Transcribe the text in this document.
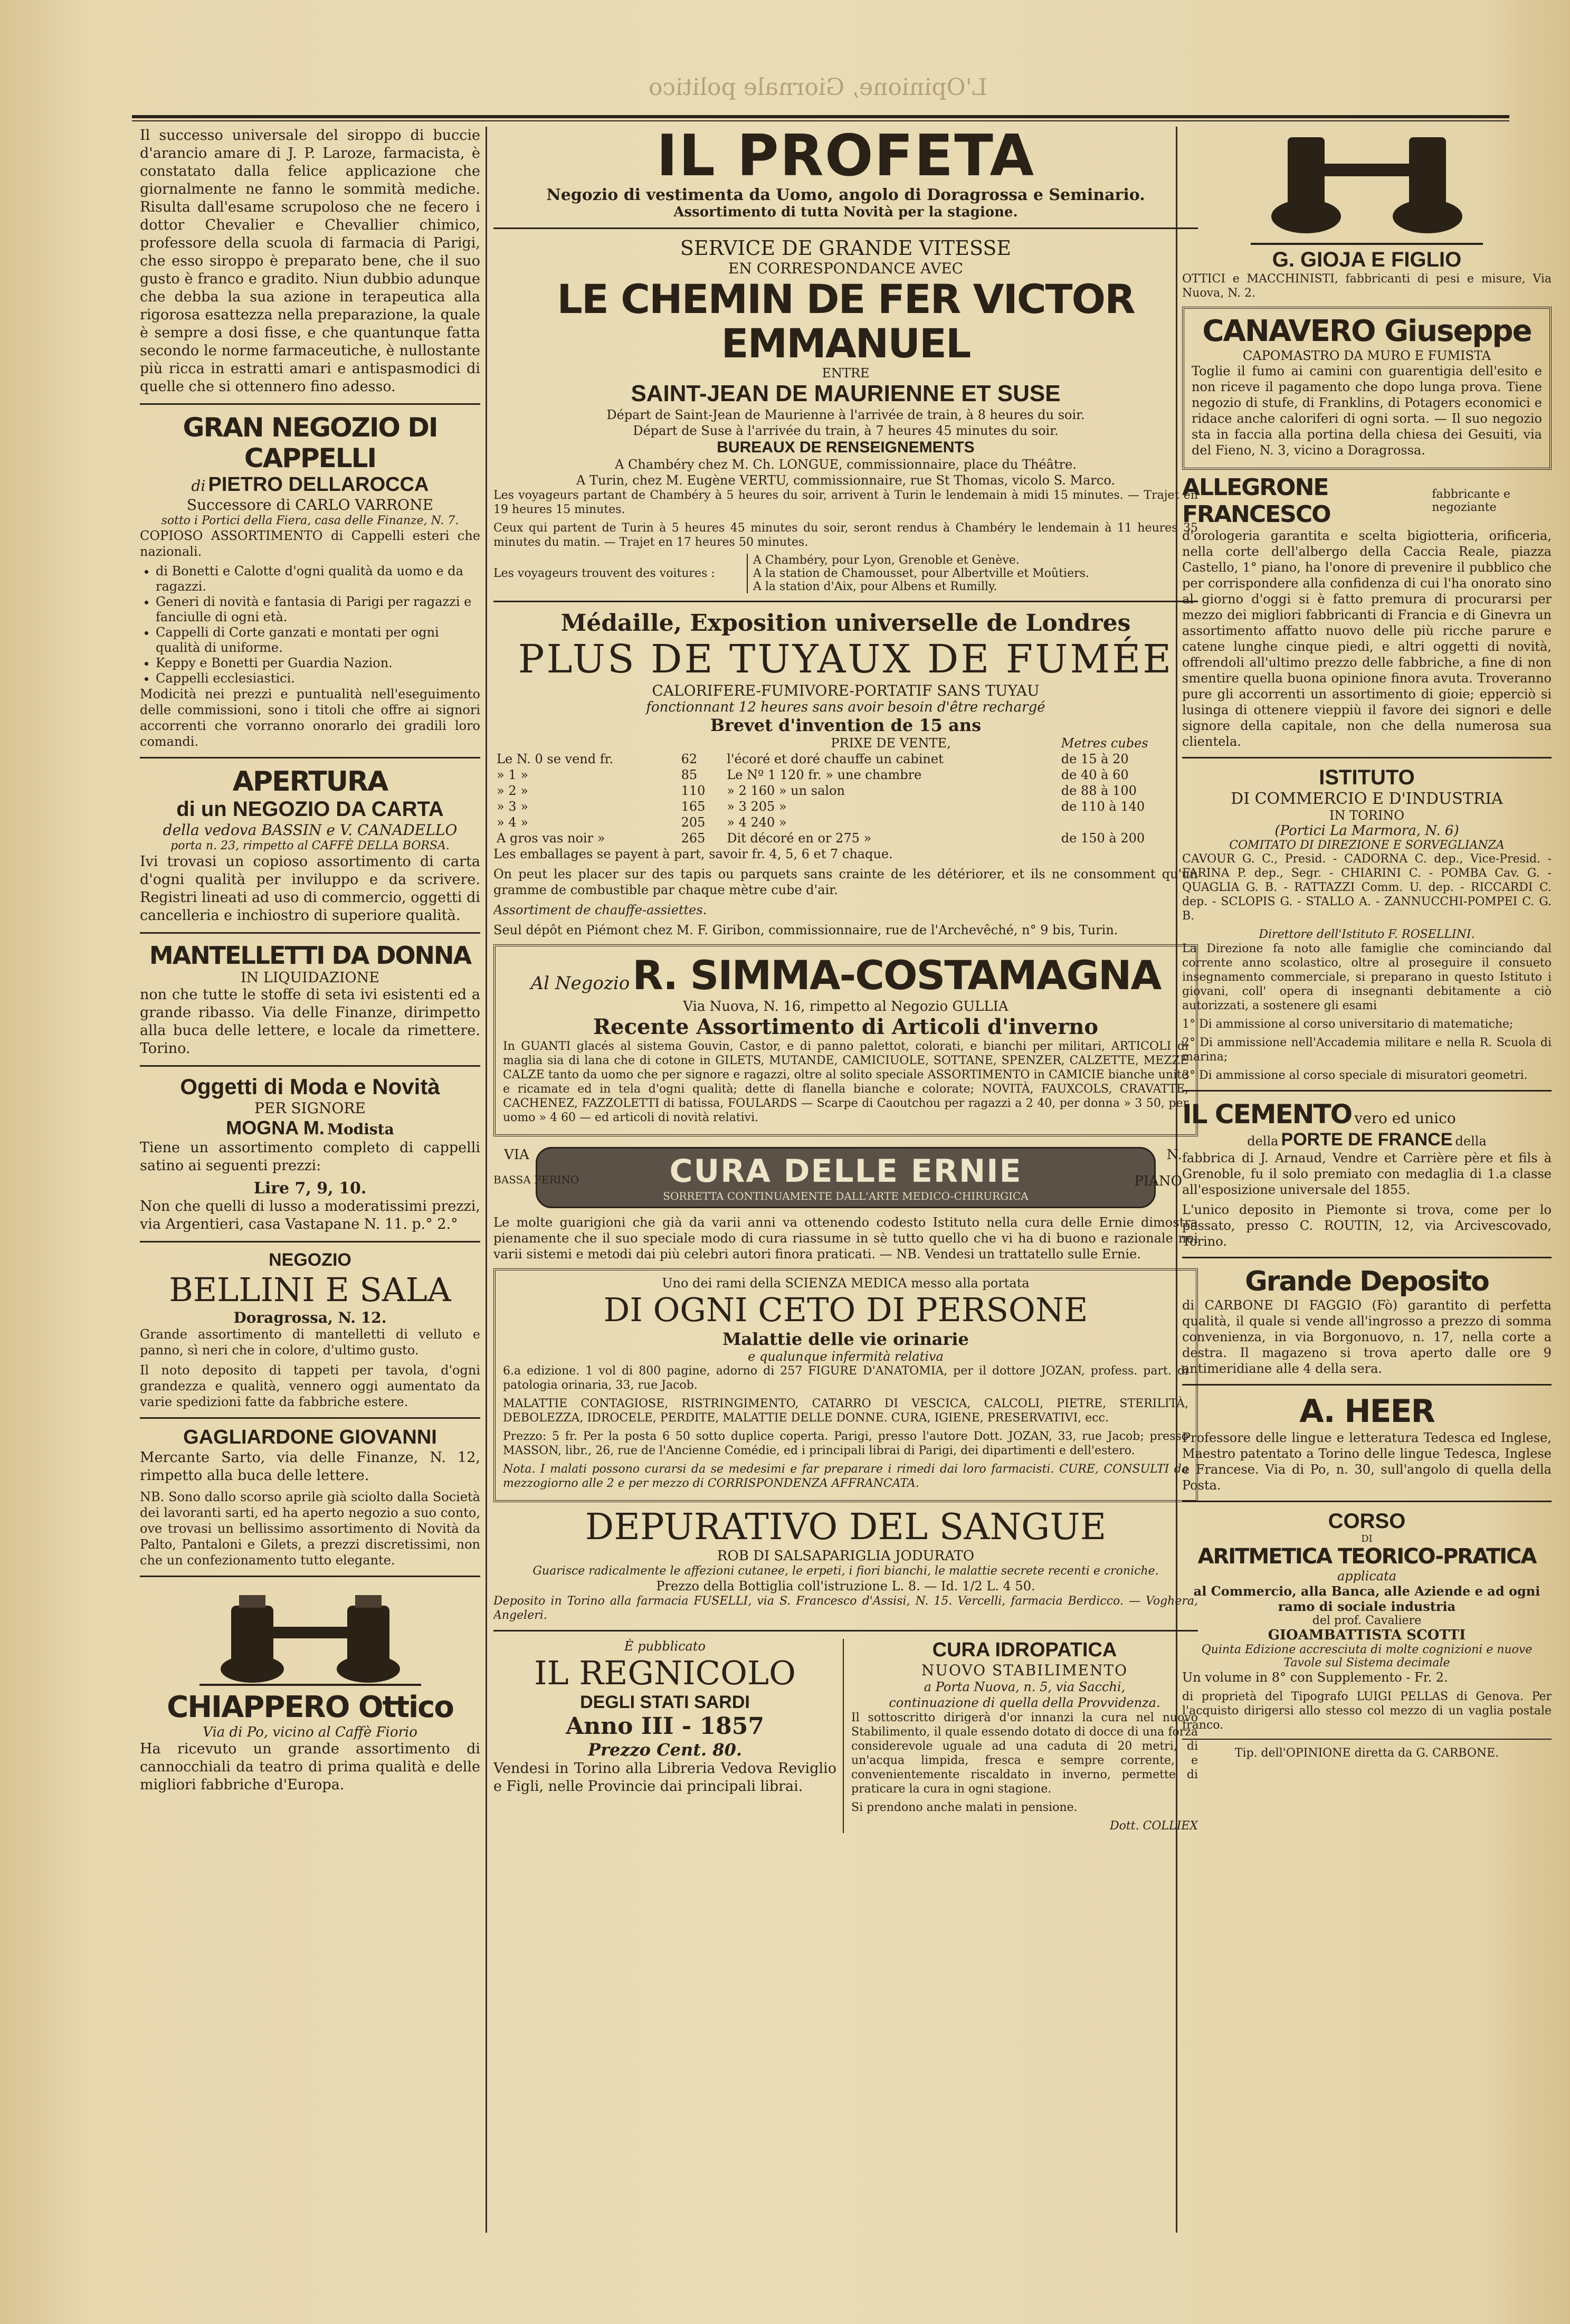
L'Opinione, Giornale politico

Il successo universale del siroppo di buccie d'arancio amare di J. P. Laroze, farmacista, è constatato dalla felice applicazione che giornalmente ne fanno le sommità mediche. Risulta dall'esame scrupoloso che ne fecero i dottor Chevalier e Chevallier chimico, professore della scuola di farmacia di Parigi, che esso siroppo è preparato bene, che il suo gusto è franco e gradito. Niun dubbio adunque che debba la sua azione in terapeutica alla rigorosa esattezza nella preparazione, la quale è sempre a dosi fisse, e che quantunque fatta secondo le norme farmaceutiche, è nullostante più ricca in estratti amari e antispasmodici di quelle che si ottennero fino adesso.

GRAN NEGOZIO DI CAPPELLI
di PIETRO DELLAROCCA
Successore di CARLO VARRONE
sotto i Portici della Fiera, casa delle Finanze, N. 7.

COPIOSO ASSORTIMENTO di Cappelli esteri che nazionali.

• di Bonetti e Calotte d'ogni qualità da uomo e da ragazzi.
• Generi di novità e fantasia di Parigi per ragazzi e fanciulle di ogni età.
• Cappelli di Corte ganzati e montati per ogni qualità di uniforme.
• Keppy e Bonetti per Guardia Nazion.
• Cappelli ecclesiastici.

Modicità nei prezzi e puntualità nell'eseguimento delle commissioni, sono i titoli che offre ai signori accorrenti che vorranno onorarlo dei gradili loro comandi.

APERTURA
di un NEGOZIO DA CARTA
della vedova BASSIN e V. CANADELLO
porta n. 23, rimpetto al CAFFÈ DELLA BORSA.

Ivi trovasi un copioso assortimento di carta d'ogni qualità per inviluppo e da scrivere. Registri lineati ad uso di commercio, oggetti di cancelleria e inchiostro di superiore qualità.

MANTELLETTI DA DONNA
IN LIQUIDAZIONE

non che tutte le stoffe di seta ivi esistenti ed a grande ribasso. Via delle Finanze, dirimpetto alla buca delle lettere, e locale da rimettere. Torino.

Oggetti di Moda e Novità
PER SIGNORE
MOGNA M. Modista

Tiene un assortimento completo di cappelli satino ai seguenti prezzi:

Lire 7, 9, 10.

Non che quelli di lusso a moderatissimi prezzi, via Argentieri, casa Vastapane N. 11. p.° 2.°

NEGOZIO
BELLINI E SALA
Doragrossa, N. 12.

Grande assortimento di mantelletti di velluto e panno, sì neri che in colore, d'ultimo gusto.

Il noto deposito di tappeti per tavola, d'ogni grandezza e qualità, vennero oggi aumentato da varie spedizioni fatte da fabbriche estere.

GAGLIARDONE GIOVANNI

Mercante Sarto, via delle Finanze, N. 12, rimpetto alla buca delle lettere.

NB. Sono dallo scorso aprile già sciolto dalla Società dei lavoranti sarti, ed ha aperto negozio a suo conto, ove trovasi un bellissimo assortimento di Novità da Palto, Pantaloni e Gilets, a prezzi discretissimi, non che un confezionamento tutto elegante.

CHIAPPERO Ottico
Via di Po, vicino al Caffè Fiorio

Ha ricevuto un grande assortimento di cannocchiali da teatro di prima qualità e delle migliori fabbriche d'Europa.

IL PROFETA
Negozio di vestimenta da Uomo, angolo di Doragrossa e Seminario.
Assortimento di tutta Novità per la stagione.
SERVICE DE GRANDE VITESSE
EN CORRESPONDANCE AVEC
LE CHEMIN DE FER VICTOR EMMANUEL
ENTRE
SAINT-JEAN DE MAURIENNE ET SUSE
Départ de Saint-Jean de Maurienne à l'arrivée de train, à 8 heures du soir.
Départ de Suse à l'arrivée du train, à 7 heures 45 minutes du soir.
BUREAUX DE RENSEIGNEMENTS
A Chambéry chez M. Ch. LONGUE, commissionnaire, place du Théâtre.
A Turin, chez M. Eugène VERTU, commissionnaire, rue St Thomas, vicolo S. Marco.

Les voyageurs partant de Chambéry à 5 heures du soir, arrivent à Turin le lendemain à midi 15 minutes. — Trajet en 19 heures 15 minutes.

Ceux qui partent de Turin à 5 heures 45 minutes du soir, seront rendus à Chambéry le lendemain à 11 heures 35 minutes du matin. — Trajet en 17 heures 50 minutes.

Les voyageurs trouvent des voitures :
A Chambéry, pour Lyon, Grenoble et Genève.
A la station de Chamousset, pour Albertville et Moûtiers.
A la station d'Aix, pour Albens et Rumilly.
Médaille, Exposition universelle de Londres
PLUS DE TUYAUX DE FUMÉE
CALORIFERE-FUMIVORE-PORTATIF SANS TUYAU
fonctionnant 12 heures sans avoir besoin d'être rechargé
Brevet d'invention de 15 ans
		PRIXE DE VENTE,	Metres cubes
Le N. 0 se vend fr.	62	l'écoré et doré chauffe un cabinet	de 15 à 20
» 1 »	85	Le Nº 1 120 fr. » une chambre	de 40 à 60
» 2 »	110	» 2 160 » un salon	de 88 à 100
» 3 »	165	» 3 205 »	de 110 à 140
» 4 »	205	» 4 240 »	
A gros vas noir »	265	Dit décoré en or 275 »	de 150 à 200

Les emballages se payent à part, savoir fr. 4, 5, 6 et 7 chaque.

On peut les placer sur des tapis ou parquets sans crainte de les détériorer, et ils ne consomment qu'un gramme de combustible par chaque mètre cube d'air.

Assortiment de chauffe-assiettes.

Seul dépôt en Piémont chez M. F. Giribon, commissionnaire, rue de l'Archevêché, n° 9 bis, Turin.

Al Negozio R. SIMMA-COSTAMAGNA
Via Nuova, N. 16, rimpetto al Negozio GULLIA
Recente Assortimento di Articoli d'inverno

In GUANTI glacés al sistema Gouvin, Castor, e di panno palettot, colorati, e bianchi per militari, ARTICOLI di maglia sia di lana che di cotone in GILETS, MUTANDE, CAMICIUOLE, SOTTANE, SPENZER, CALZETTE, MEZZE CALZE tanto da uomo che per signore e ragazzi, oltre al solito speciale ASSORTIMENTO in CAMICIE bianche unite e ricamate ed in tela d'ogni qualità; dette di flanella bianche e colorate; NOVITÀ, FAUXCOLS, CRAVATTE, CACHENEZ, FAZZOLETTI di batissa, FOULARDS — Scarpe di Caoutchou per ragazzi a 2 40, per donna » 3 50, per uomo » 4 60 — ed articoli di novità relativi.

VIA
BASSA FERINO
N.
PIANO
CURA DELLE ERNIE
SORRETTA CONTINUAMENTE DALL'ARTE MEDICO-CHIRURGICA

Le molte guarigioni che già da varii anni va ottenendo codesto Istituto nella cura delle Ernie dimostra pienamente che il suo speciale modo di cura riassume in sè tutto quello che vi ha di buono e razionale nei varii sistemi e metodi dai più celebri autori finora praticati. — NB. Vendesi un trattatello sulle Ernie.

Uno dei rami della SCIENZA MEDICA messo alla portata
DI OGNI CETO DI PERSONE
Malattie delle vie orinarie
e qualunque infermità relativa

6.a edizione. 1 vol di 800 pagine, adorno di 257 FIGURE D'ANATOMIA, per il dottore JOZAN, profess. part. di patologia orinaria, 33, rue Jacob.

MALATTIE CONTAGIOSE, RISTRINGIMENTO, CATARRO DI VESCICA, CALCOLI, PIETRE, STERILITÀ, DEBOLEZZA, IDROCELE, PERDITE, MALATTIE DELLE DONNE. CURA, IGIENE, PRESERVATIVI, ecc.

Prezzo: 5 fr. Per la posta 6 50 sotto duplice coperta. Parigi, presso l'autore Dott. JOZAN, 33, rue Jacob; presso MASSON, libr., 26, rue de l'Ancienne Comédie, ed i principali librai di Parigi, dei dipartimenti e dell'estero.

Nota. I malati possono curarsi da se medesimi e far preparare i rimedi dai loro farmacisti. CURE, CONSULTI da mezzogiorno alle 2 e per mezzo di CORRISPONDENZA AFFRANCATA.

DEPURATIVO DEL SANGUE
ROB DI SALSAPARIGLIA JODURATO
Guarisce radicalmente le affezioni cutanee, le erpeti, i fiori bianchi, le malattie secrete recenti e croniche.
Prezzo della Bottiglia coll'istruzione L. 8. — Id. 1/2 L. 4 50.

Deposito in Torino alla farmacia FUSELLI, via S. Francesco d'Assisi, N. 15. Vercelli, farmacia Berdicco. — Voghera, Angeleri.

È pubblicato
IL REGNICOLO
DEGLI STATI SARDI
Anno III - 1857
Prezzo Cent. 80.

Vendesi in Torino alla Libreria Vedova Reviglio e Figli, nelle Provincie dai principali librai.

CURA IDROPATICA
NUOVO STABILIMENTO
a Porta Nuova, n. 5, via Sacchi,
continuazione di quella della Provvidenza.

Il sottoscritto dirigerà d'or innanzi la cura nel nuovo Stabilimento, il quale essendo dotato di docce di una forza considerevole uguale ad una caduta di 20 metri, di un'acqua limpida, fresca e sempre corrente, e convenientemente riscaldato in inverno, permette di praticare la cura in ogni stagione.

Si prendono anche malati in pensione.

Dott. COLLIEX
G. GIOJA E FIGLIO

OTTICI e MACCHINISTI, fabbricanti di pesi e misure, Via Nuova, N. 2.

CANAVERO Giuseppe
CAPOMASTRO DA MURO E FUMISTA

Toglie il fumo ai camini con guarentigia dell'esito e non riceve il pagamento che dopo lunga prova. Tiene negozio di stufe, di Franklins, di Potagers economici e ridace anche caloriferi di ogni sorta. — Il suo negozio sta in faccia alla portina della chiesa dei Gesuiti, via del Fieno, N. 3, vicino a Doragrossa.

ALLEGRONE FRANCESCO
fabbricante e negoziante

d'orologeria garantita e scelta bigiotteria, orificeria, nella corte dell'albergo della Caccia Reale, piazza Castello, 1° piano, ha l'onore di prevenire il pubblico che per corrispondere alla confidenza di cui l'ha onorato sino al giorno d'oggi si è fatto premura di procurarsi per mezzo dei migliori fabbricanti di Francia e di Ginevra un assortimento affatto nuovo delle più ricche parure e catene lunghe cinque piedi, e altri oggetti di novità, offrendoli all'ultimo prezzo delle fabbriche, a fine di non smentire quella buona opinione finora avuta. Troveranno pure gli accorrenti un assortimento di gioie; epperciò si lusinga di ottenere vieppiù il favore dei signori e delle signore della capitale, non che della numerosa sua clientela.

ISTITUTO
DI COMMERCIO E D'INDUSTRIA
IN TORINO
(Portici La Marmora, N. 6)
COMITATO DI DIREZIONE E SORVEGLIANZA

CAVOUR G. C., Presid. - CADORNA C. dep., Vice-Presid. - FARINA P. dep., Segr. - CHIARINI C. - POMBA Cav. G. - QUAGLIA G. B. - RATTAZZI Comm. U. dep. - RICCARDI C. dep. - SCLOPIS G. - STALLO A. - ZANNUCCHI-POMPEI C. G. B.

Direttore dell'Istituto F. ROSELLINI.

La Direzione fa noto alle famiglie che cominciando dal corrente anno scolastico, oltre al proseguire il consueto insegnamento commerciale, si preparano in questo Istituto i giovani, coll' opera di insegnanti debitamente a ciò autorizzati, a sostenere gli esami

1° Di ammissione al corso universitario di matematiche;

2° Di ammissione nell'Accademia militare e nella R. Scuola di marina;

3° Di ammissione al corso speciale di misuratori geometri.

IL CEMENTO vero ed unico
della PORTE DE FRANCE della

fabbrica di J. Arnaud, Vendre et Carrière père et fils à Grenoble, fu il solo premiato con medaglia di 1.a classe all'esposizione universale del 1855.

L'unico deposito in Piemonte si trova, come per lo passato, presso C. ROUTIN, 12, via Arcivescovado, Torino.

Grande Deposito

di CARBONE DI FAGGIO (Fò) garantito di perfetta qualità, il quale si vende all'ingrosso a prezzo di somma convenienza, in via Borgonuovo, n. 17, nella corte a destra. Il magazeno si trova aperto dalle ore 9 antimeridiane alle 4 della sera.

A. HEER

Professore delle lingue e letteratura Tedesca ed Inglese, Maestro patentato a Torino delle lingue Tedesca, Inglese e Francese. Via di Po, n. 30, sull'angolo di quella della Posta.

CORSO
DI
ARITMETICA TEORICO-PRATICA
applicata
al Commercio, alla Banca, alle Aziende e ad ogni ramo di sociale industria
del prof. Cavaliere
GIOAMBATTISTA SCOTTI
Quinta Edizione accresciuta di molte cognizioni e nuove Tavole sul Sistema decimale

Un volume in 8° con Supplemento - Fr. 2.

di proprietà del Tipografo LUIGI PELLAS di Genova. Per l'acquisto dirigersi allo stesso col mezzo di un vaglia postale franco.

Tip. dell'OPINIONE diretta da G. CARBONE.
